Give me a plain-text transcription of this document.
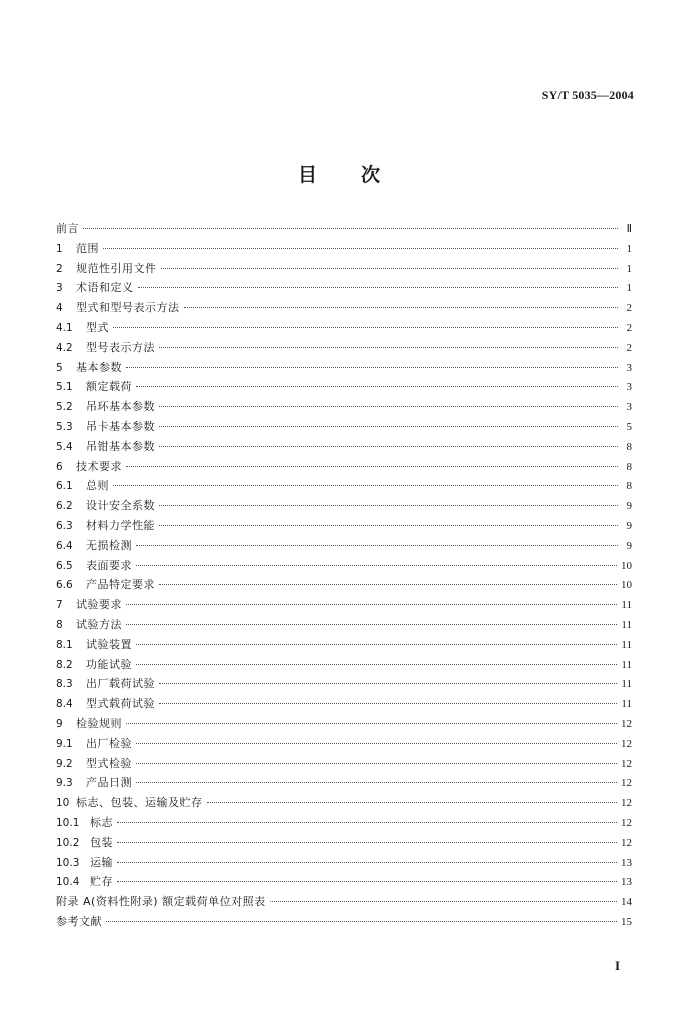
SY/T 5035—2004
目 次
前言	Ⅱ
1	范围	1
2	规范性引用文件	1
3	术语和定义	1
4	型式和型号表示方法	2
4.1	型式	2
4.2	型号表示方法	2
5	基本参数	3
5.1	额定载荷	3
5.2	吊环基本参数	3
5.3	吊卡基本参数	5
5.4	吊钳基本参数	8
6	技术要求	8
6.1	总则	8
6.2	设计安全系数	9
6.3	材料力学性能	9
6.4	无损检测	9
6.5	表面要求	10
6.6	产品特定要求	10
7	试验要求	11
8	试验方法	11
8.1	试验装置	11
8.2	功能试验	11
8.3	出厂载荷试验	11
8.4	型式载荷试验	11
9	检验规则	12
9.1	出厂检验	12
9.2	型式检验	12
9.3	产品日测	12
10 标志、包装、运输及贮存	12
10.1 标志	12
10.2 包装	12
10.3 运输	13
10.4 贮存	13
附录 A(资料性附录) 额定载荷单位对照表	14
参考文献	15
I
